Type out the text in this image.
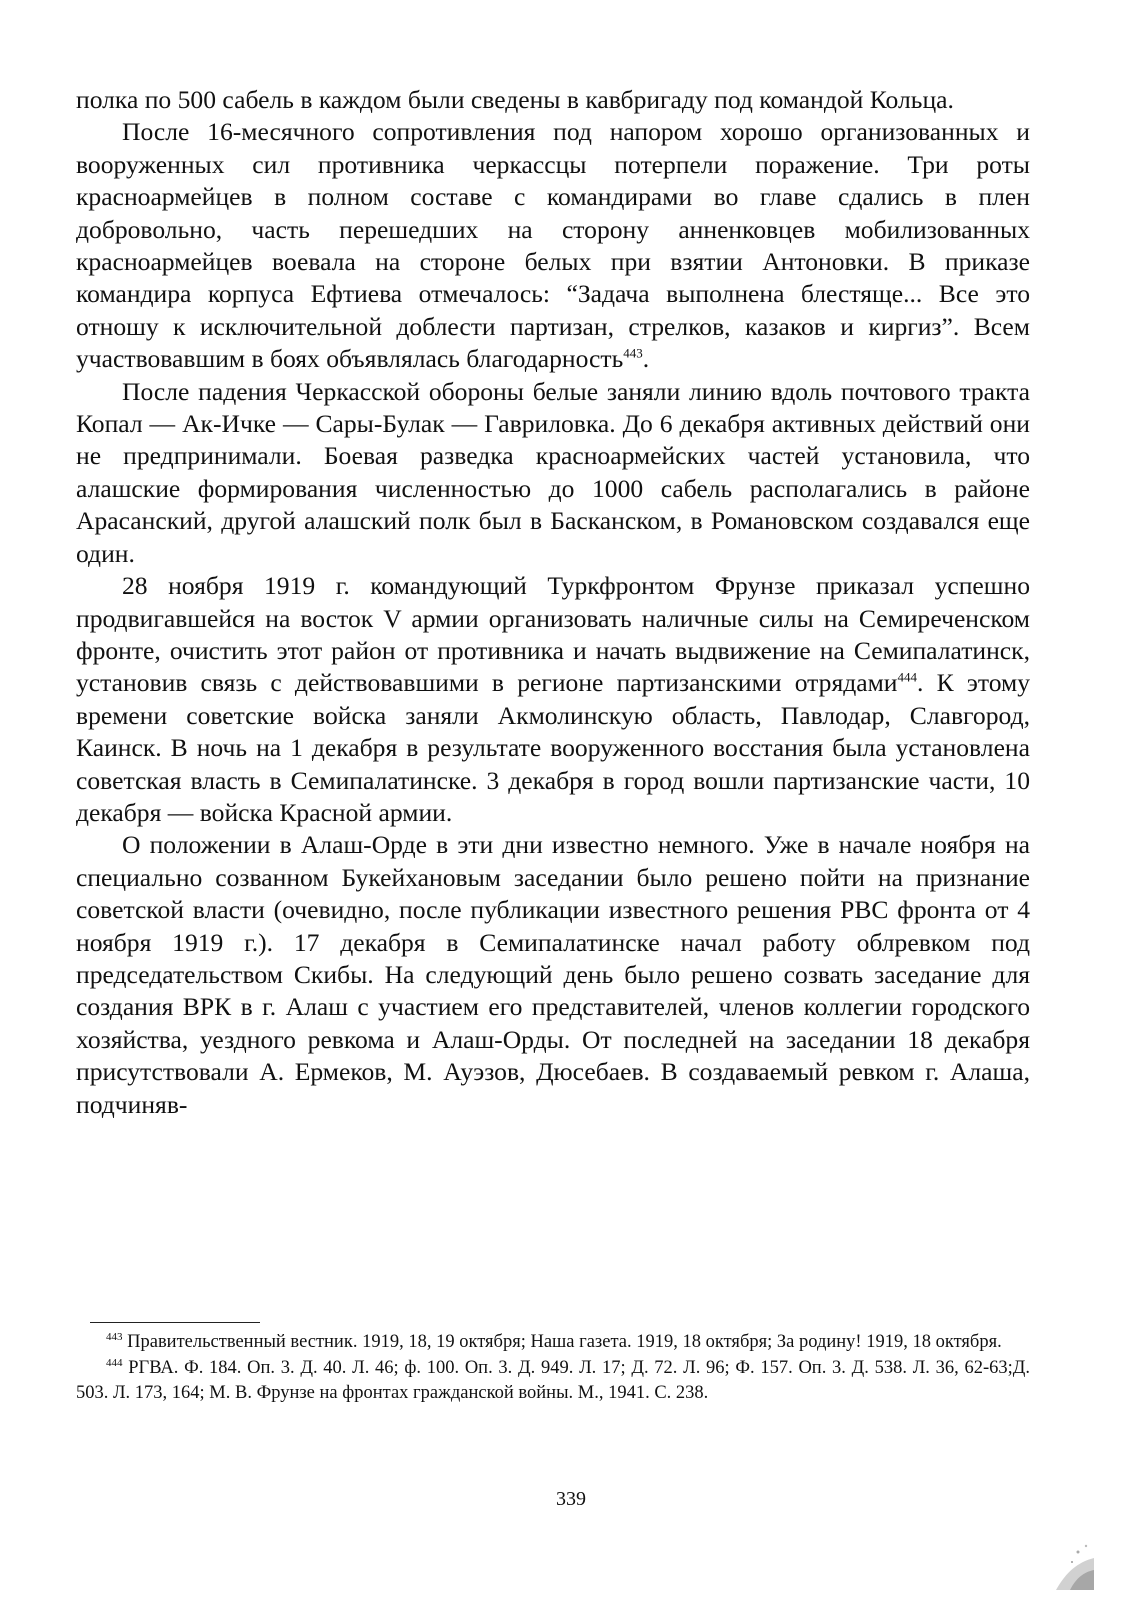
полка по 500 сабель в каждом были сведены в кавбригаду под командой Кольца.

После 16-месячного сопротивления под напором хорошо организованных и вооруженных сил противника черкассцы потерпели поражение. Три роты красноармейцев в полном составе с командирами во главе сдались в плен добровольно, часть перешедших на сторону анненковцев мобилизованных красноармейцев воевала на стороне белых при взятии Антоновки. В приказе командира корпуса Ефтиева отмечалось: “Задача выполнена блестяще... Все это отношу к исключительной доблести партизан, стрелков, казаков и киргиз”. Всем участвовавшим в боях объявлялась благодарность$^{443}$.

После падения Черкасской обороны белые заняли линию вдоль почтового тракта Копал — Ак-Ичке — Сары-Булак — Гавриловка. До 6 декабря активных действий они не предпринимали. Боевая разведка красноармейских частей установила, что алашские формирования численностью до 1000 сабель располагались в районе Арасанский, другой алашский полк был в Басканском, в Романовском создавался еще один.

28 ноября 1919 г. командующий Туркфронтом Фрунзе приказал успешно продвигавшейся на восток V армии организовать наличные силы на Семиреченском фронте, очистить этот район от противника и начать выдвижение на Семипалатинск, установив связь с действовавшими в регионе партизанскими отрядами$^{444}$. К этому времени советские войска заняли Акмолинскую область, Павлодар, Славгород, Каинск. В ночь на 1 декабря в результате вооруженного восстания была установлена советская власть в Семипалатинске. 3 декабря в город вошли партизанские части, 10 декабря — войска Красной армии.

О положении в Алаш-Орде в эти дни известно немного. Уже в начале ноября на специально созванном Букейхановым заседании было решено пойти на признание советской власти (очевидно, после публикации известного решения РВС фронта от 4 ноября 1919 г.). 17 декабря в Семипалатинске начал работу облревком под председательством Скибы. На следующий день было решено созвать заседание для создания ВРК в г. Алаш с участием его представителей, членов коллегии городского хозяйства, уездного ревкома и Алаш-Орды. От последней на заседании 18 декабря присутствовали А. Ермеков, М. Ауэзов, Дюсебаев. В создаваемый ревком г. Алаша, подчиняв-

$^{443}$ Правительственный вестник. 1919, 18, 19 октября; Наша газета. 1919, 18 октября; За родину! 1919, 18 октября.

$^{444}$ РГВА. Ф. 184. Оп. 3. Д. 40. Л. 46; ф. 100. Оп. 3. Д. 949. Л. 17; Д. 72. Л. 96; Ф. 157. Оп. 3. Д. 538. Л. 36, 62-63;Д. 503. Л. 173, 164; М. В. Фрунзе на фронтах гражданской войны. М., 1941. С. 238.

339
